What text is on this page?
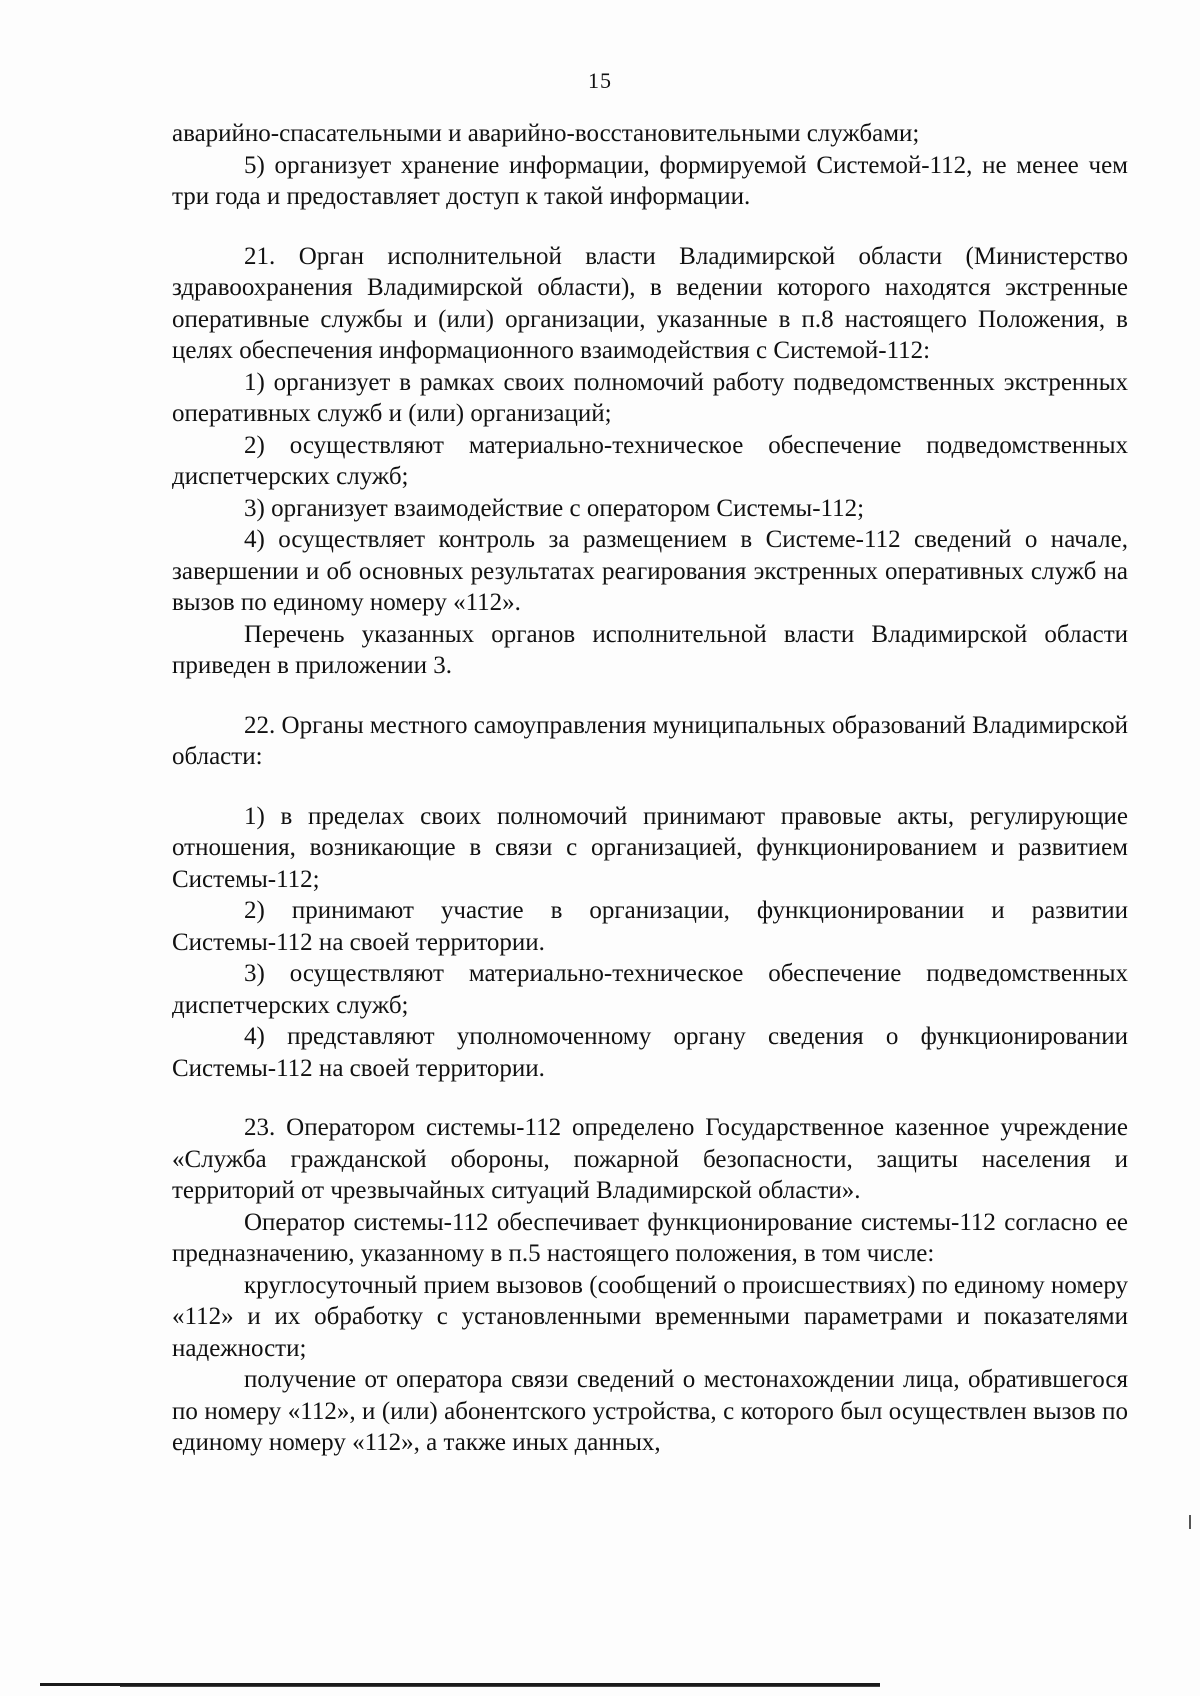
15

аварийно-спасательными и аварийно-восстановительными службами;

5) организует хранение информации, формируемой Системой-112, не менее чем три года и предоставляет доступ к такой информации.

21. Орган исполнительной власти Владимирской области (Министерство здравоохранения Владимирской области), в ведении которого находятся экстренные оперативные службы и (или) организации, указанные в п.8 настоящего Положения, в целях обеспечения информационного взаимодействия с Системой-112:

1) организует в рамках своих полномочий работу подведомственных экстренных оперативных служб и (или) организаций;

2) осуществляют материально-техническое обеспечение подведомственных диспетчерских служб;

3) организует взаимодействие с оператором Системы-112;

4) осуществляет контроль за размещением в Системе-112 сведений о начале, завершении и об основных результатах реагирования экстренных оперативных служб на вызов по единому номеру «112».

Перечень указанных органов исполнительной власти Владимирской области приведен в приложении 3.

22. Органы местного самоуправления муниципальных образований Владимирской области:

1) в пределах своих полномочий принимают правовые акты, регулирующие отношения, возникающие в связи с организацией, функционированием и развитием Системы-112;

2) принимают участие в организации, функционировании и развитии Системы-112 на своей территории.

3) осуществляют материально-техническое обеспечение подведомственных диспетчерских служб;

4) представляют уполномоченному органу сведения о функционировании Системы-112 на своей территории.

23. Оператором системы-112 определено Государственное казенное учреждение «Служба гражданской обороны, пожарной безопасности, защиты населения и территорий от чрезвычайных ситуаций Владимирской области».

Оператор системы-112 обеспечивает функционирование системы-112 согласно ее предназначению, указанному в п.5 настоящего положения, в том числе:

круглосуточный прием вызовов (сообщений о происшествиях) по единому номеру «112» и их обработку с установленными временными параметрами и показателями надежности;

получение от оператора связи сведений о местонахождении лица, обратившегося по номеру «112», и (или) абонентского устройства, с которого был осуществлен вызов по единому номеру «112», а также иных данных,
